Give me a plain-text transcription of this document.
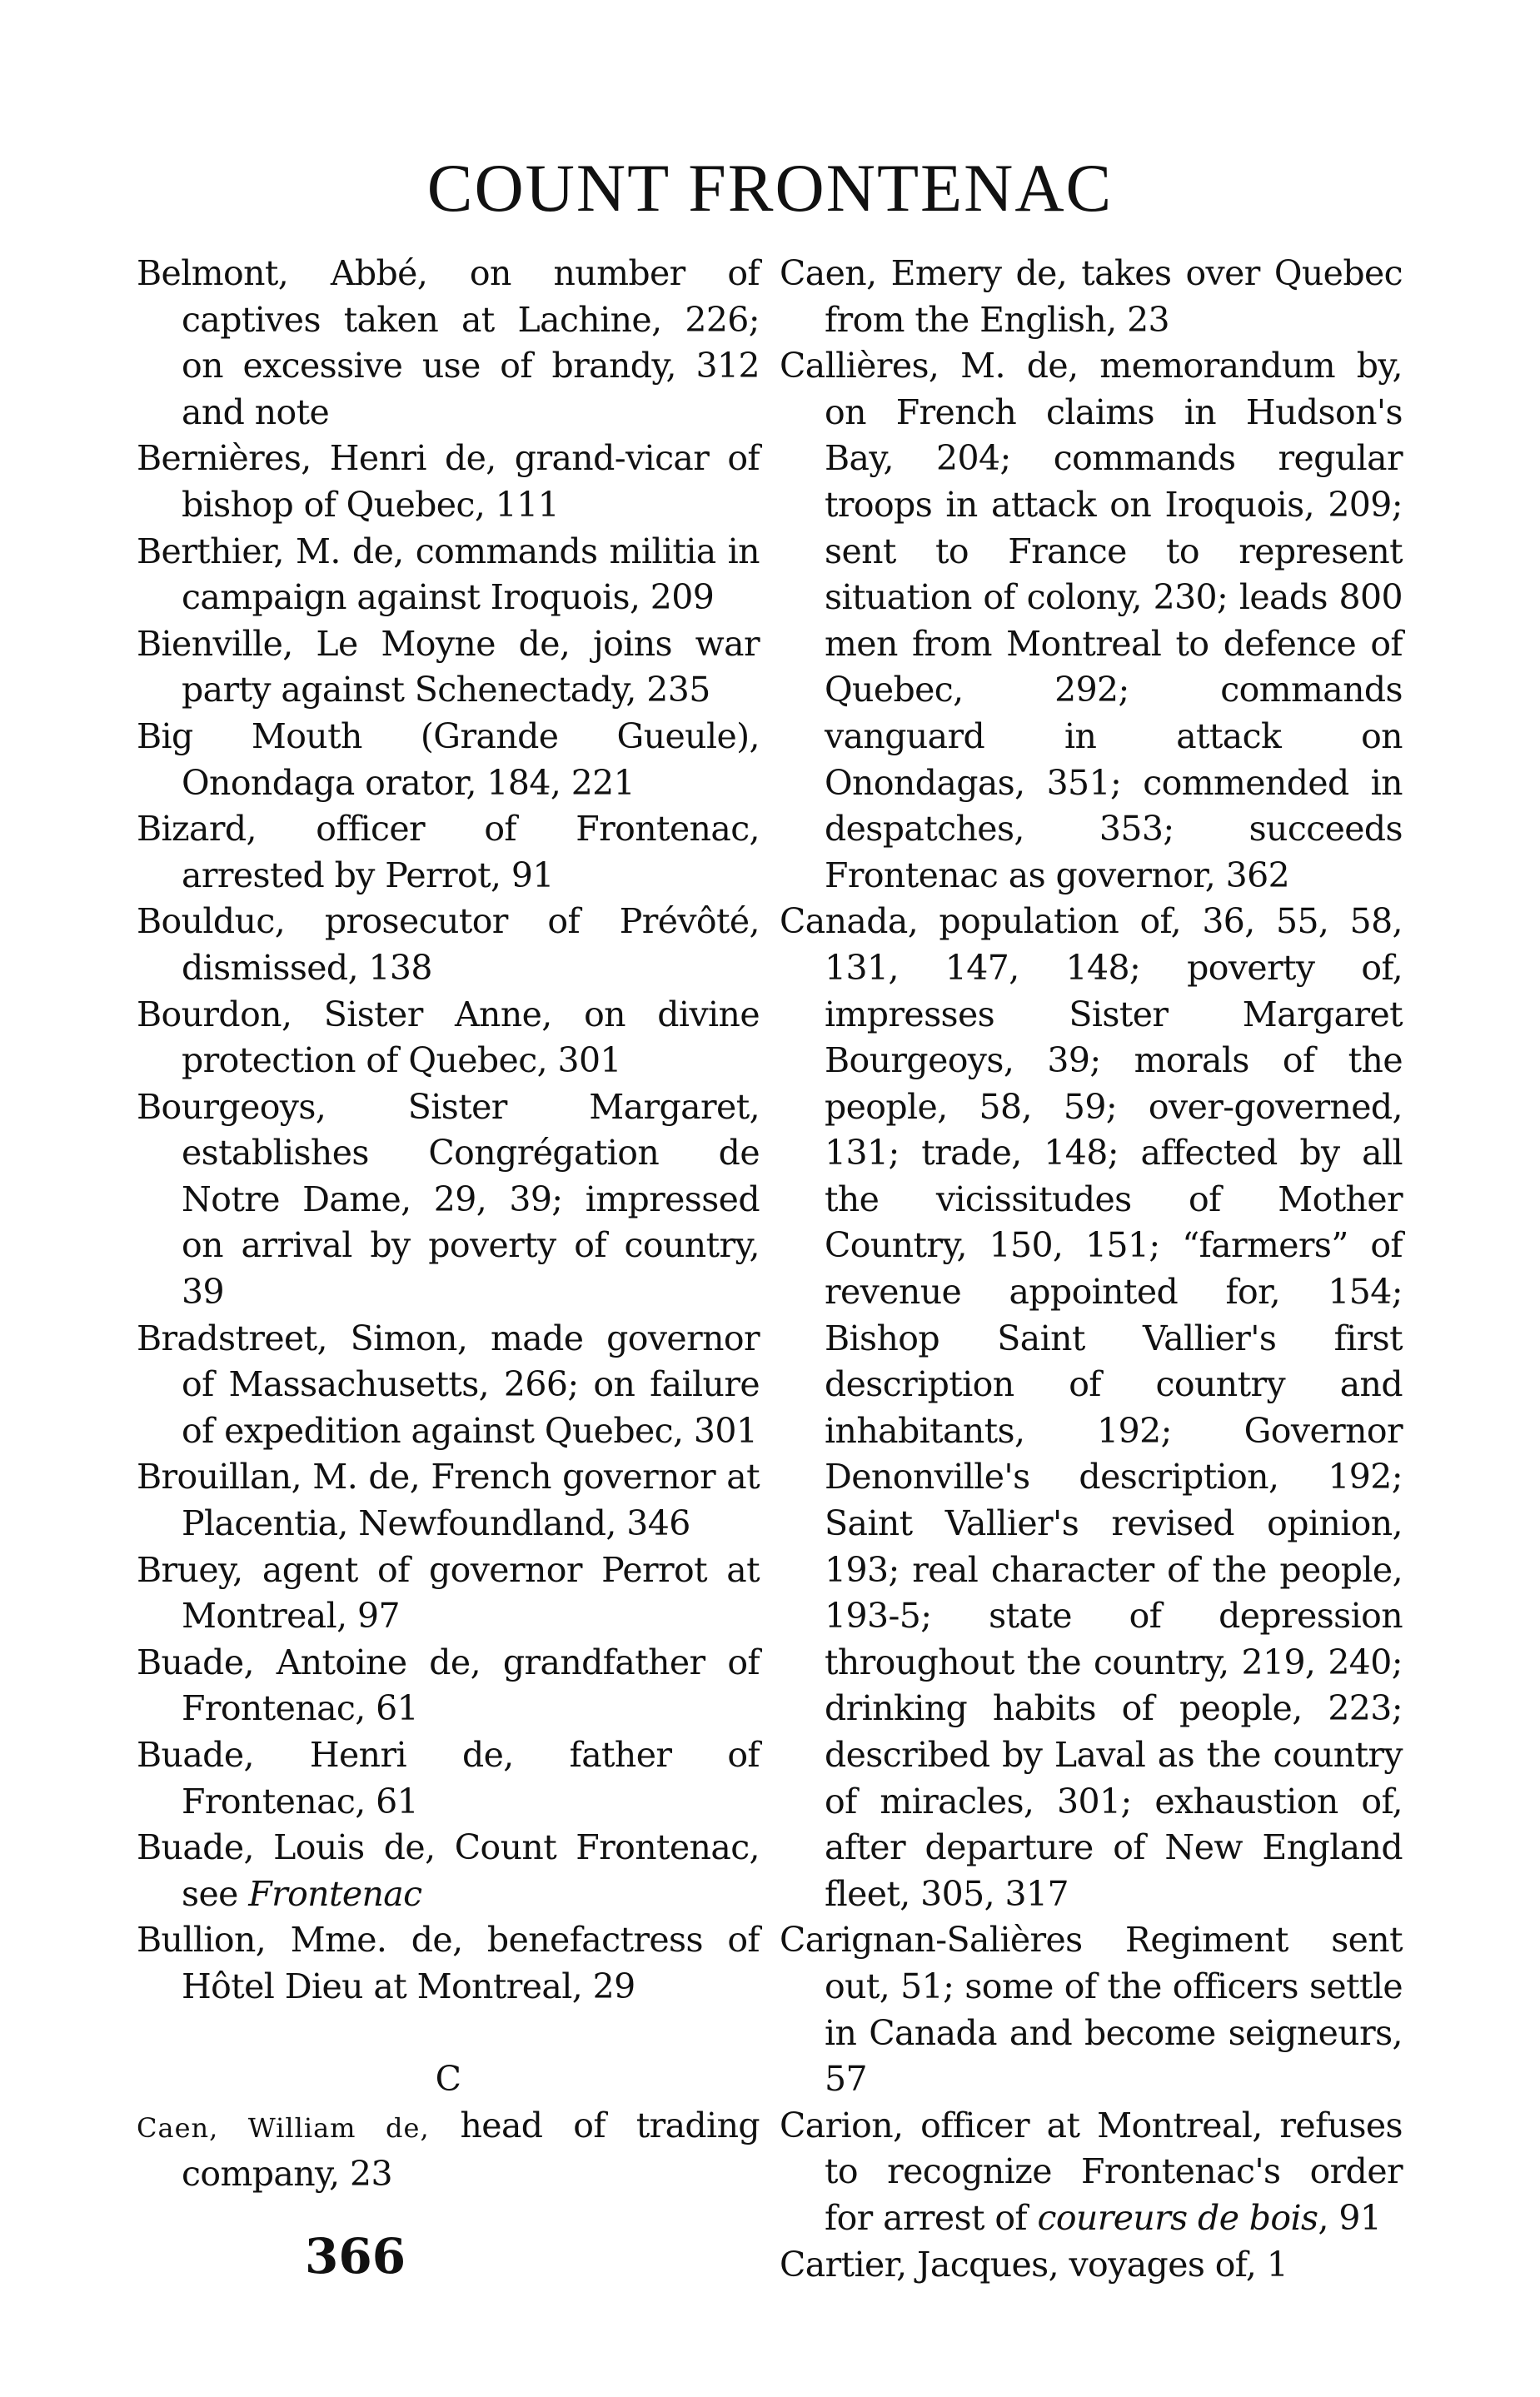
COUNT FRONTENAC
Belmont, Abbé, on number of captives taken at Lachine, 226; on excessive use of brandy, 312 and note
Bernières, Henri de, grand-vicar of bishop of Quebec, 111
Berthier, M. de, commands militia in campaign against Iroquois, 209
Bienville, Le Moyne de, joins war party against Schenectady, 235
Big Mouth (Grande Gueule), Onondaga orator, 184, 221
Bizard, officer of Frontenac, arrested by Perrot, 91
Boulduc, prosecutor of Prévôté, dismissed, 138
Bourdon, Sister Anne, on divine protection of Quebec, 301
Bourgeoys, Sister Margaret, establishes Congrégation de Notre Dame, 29, 39; impressed on arrival by poverty of country, 39
Bradstreet, Simon, made governor of Massachusetts, 266; on failure of expedition against Quebec, 301
Brouillan, M. de, French governor at Placentia, Newfoundland, 346
Bruey, agent of governor Perrot at Montreal, 97
Buade, Antoine de, grandfather of Frontenac, 61
Buade, Henri de, father of Frontenac, 61
Buade, Louis de, Count Frontenac, see Frontenac
Bullion, Mme. de, benefactress of Hôtel Dieu at Montreal, 29
C
Caen, William de, head of trading company, 23
Caen, Emery de, takes over Quebec from the English, 23
Callières, M. de, memorandum by, on French claims in Hudson's Bay, 204; commands regular troops in attack on Iroquois, 209; sent to France to represent situation of colony, 230; leads 800 men from Montreal to defence of Quebec, 292; commands vanguard in attack on Onondagas, 351; commended in despatches, 353; succeeds Frontenac as governor, 362
Canada, population of, 36, 55, 58, 131, 147, 148; poverty of, impresses Sister Margaret Bourgeoys, 39; morals of the people, 58, 59; over-governed, 131; trade, 148; affected by all the vicissitudes of Mother Country, 150, 151; “farmers” of revenue appointed for, 154; Bishop Saint Vallier's first description of country and inhabitants, 192; Governor Denonville's description, 192; Saint Vallier's revised opinion, 193; real character of the people, 193-5; state of depression throughout the country, 219, 240; drinking habits of people, 223; described by Laval as the country of miracles, 301; exhaustion of, after departure of New England fleet, 305, 317
Carignan-Salières Regiment sent out, 51; some of the officers settle in Canada and become seigneurs, 57
Carion, officer at Montreal, refuses to recognize Frontenac's order for arrest of coureurs de bois, 91
Cartier, Jacques, voyages of, 1
366
